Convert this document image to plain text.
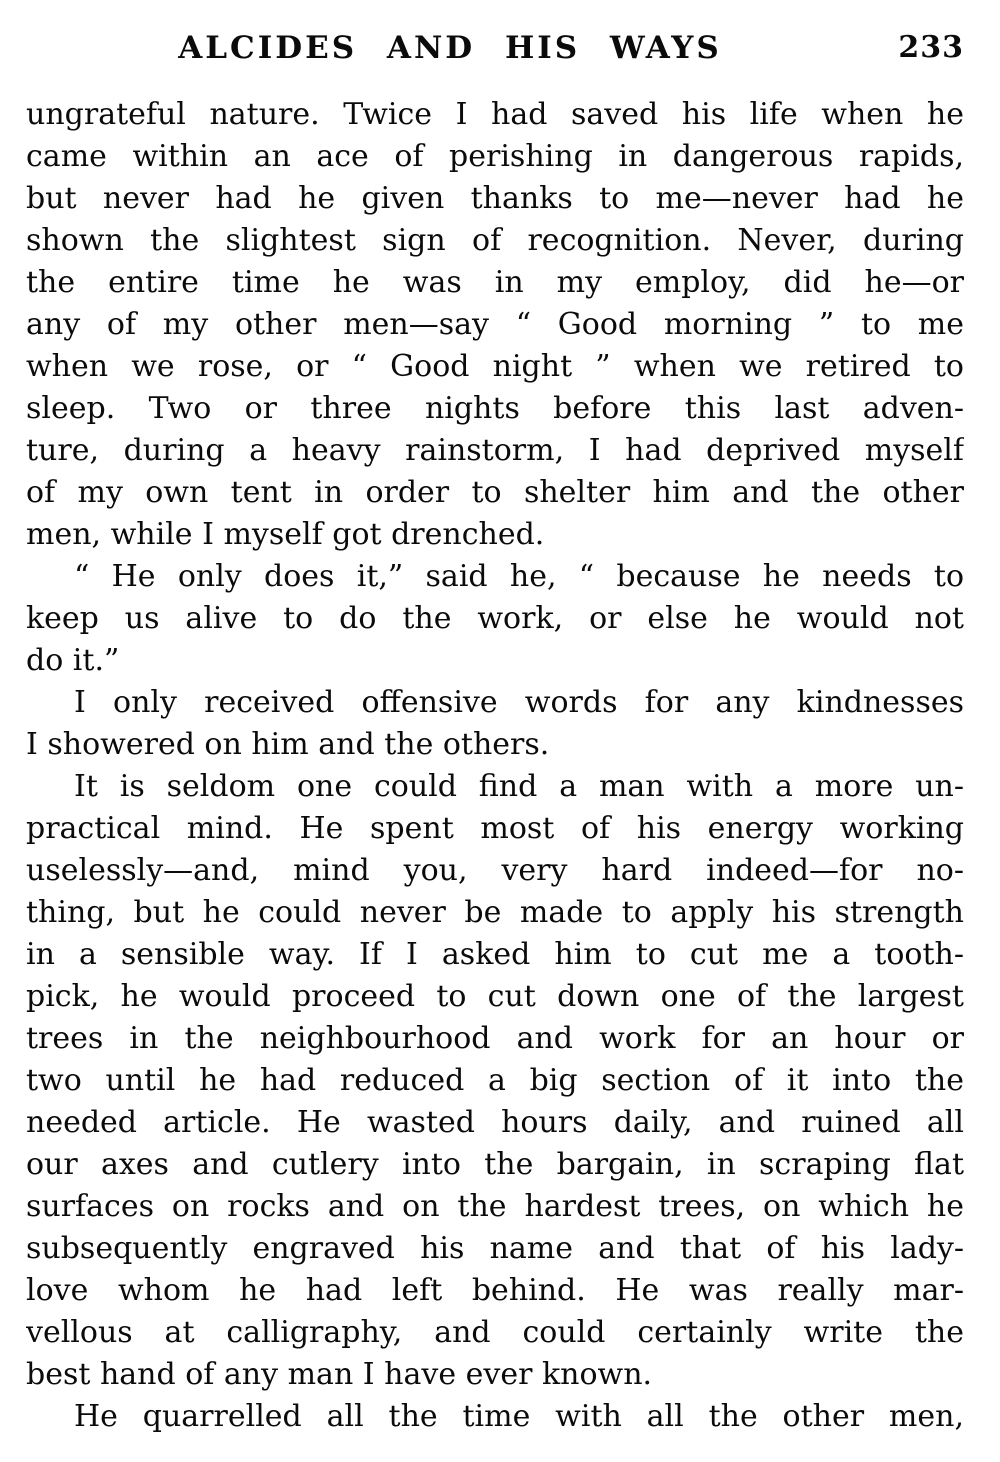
ALCIDES AND HIS WAYS	233
ungrateful nature. Twice I had saved his life when he
came within an ace of perishing in dangerous rapids,
but never had he given thanks to me—never had he
shown the slightest sign of recognition. Never, during
the entire time he was in my employ, did he—or
any of my other men—say “ Good morning ” to me
when we rose, or “ Good night ” when we retired to
sleep. Two or three nights before this last adven-
ture, during a heavy rainstorm, I had deprived myself
of my own tent in order to shelter him and the other
men, while I myself got drenched.
“ He only does it,” said he, “ because he needs to
keep us alive to do the work, or else he would not
do it.”
I only received offensive words for any kindnesses
I showered on him and the others.
It is seldom one could find a man with a more un-
practical mind. He spent most of his energy working
uselessly—and, mind you, very hard indeed—for no-
thing, but he could never be made to apply his strength
in a sensible way. If I asked him to cut me a tooth-
pick, he would proceed to cut down one of the largest
trees in the neighbourhood and work for an hour or
two until he had reduced a big section of it into the
needed article. He wasted hours daily, and ruined all
our axes and cutlery into the bargain, in scraping flat
surfaces on rocks and on the hardest trees, on which he
subsequently engraved his name and that of his lady-
love whom he had left behind. He was really mar-
vellous at calligraphy, and could certainly write the
best hand of any man I have ever known.
He quarrelled all the time with all the other men,
